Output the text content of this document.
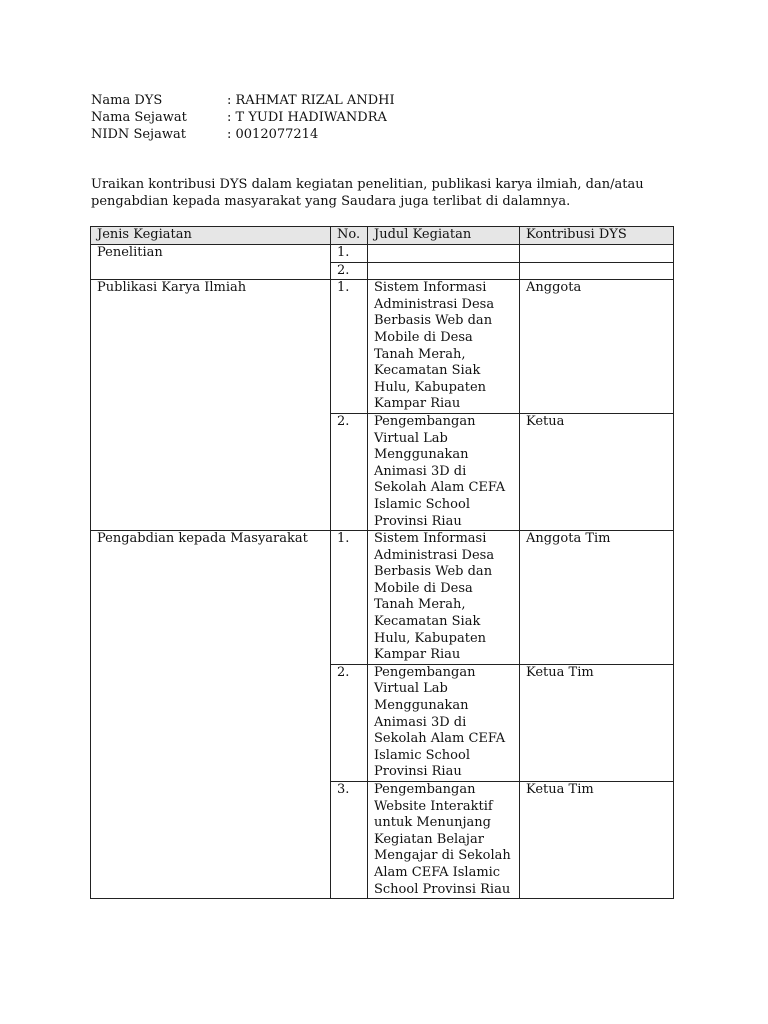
Nama DYS	: RAHMAT RIZAL ANDHI
Nama Sejawat	: T YUDI HADIWANDRA
NIDN Sejawat	: 0012077214

Uraikan kontribusi DYS dalam kegiatan penelitian, publikasi karya ilmiah, dan/atau pengabdian kepada masyarakat yang Saudara juga terlibat di dalamnya.

Jenis Kegiatan	No.	Judul Kegiatan	Kontribusi DYS
Penelitian	1.		
	2.		
Publikasi Karya Ilmiah	1.	Sistem Informasi Administrasi Desa Berbasis Web dan Mobile di Desa Tanah Merah, Kecamatan Siak Hulu, Kabupaten Kampar Riau	Anggota
	2.	Pengembangan Virtual Lab Menggunakan Animasi 3D di Sekolah Alam CEFA Islamic School Provinsi Riau	Ketua
Pengabdian kepada Masyarakat	1.	Sistem Informasi Administrasi Desa Berbasis Web dan Mobile di Desa Tanah Merah, Kecamatan Siak Hulu, Kabupaten Kampar Riau	Anggota Tim
	2.	Pengembangan Virtual Lab Menggunakan Animasi 3D di Sekolah Alam CEFA Islamic School Provinsi Riau	Ketua Tim
	3.	Pengembangan Website Interaktif untuk Menunjang Kegiatan Belajar Mengajar di Sekolah Alam CEFA Islamic School Provinsi Riau	Ketua Tim
